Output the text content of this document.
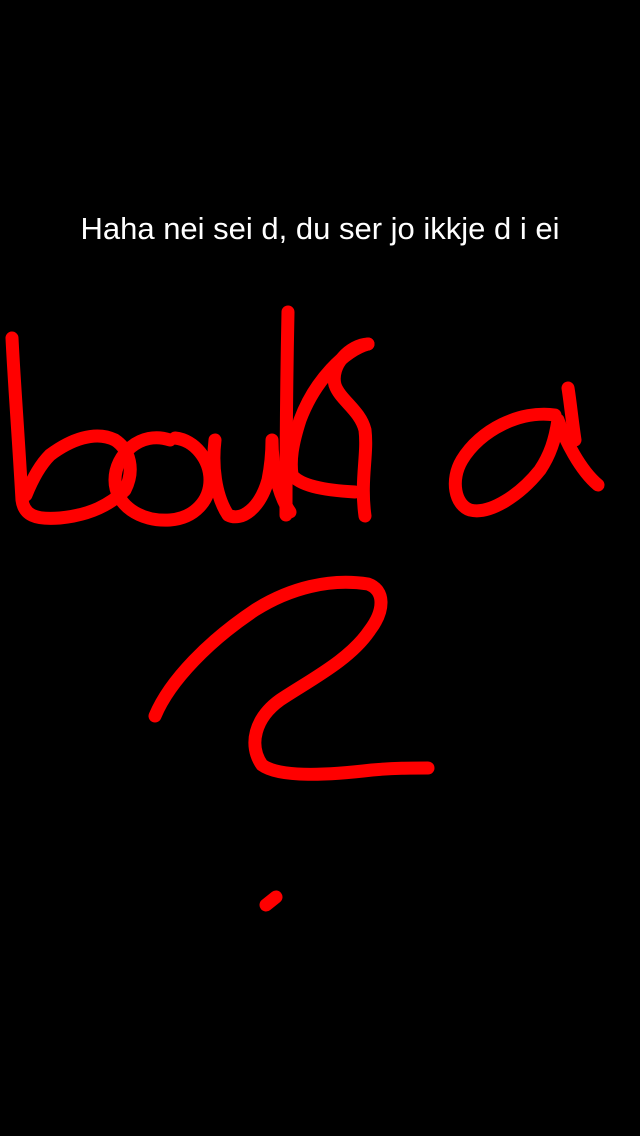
Haha nei sei d, du ser jo ikkje d i ei
